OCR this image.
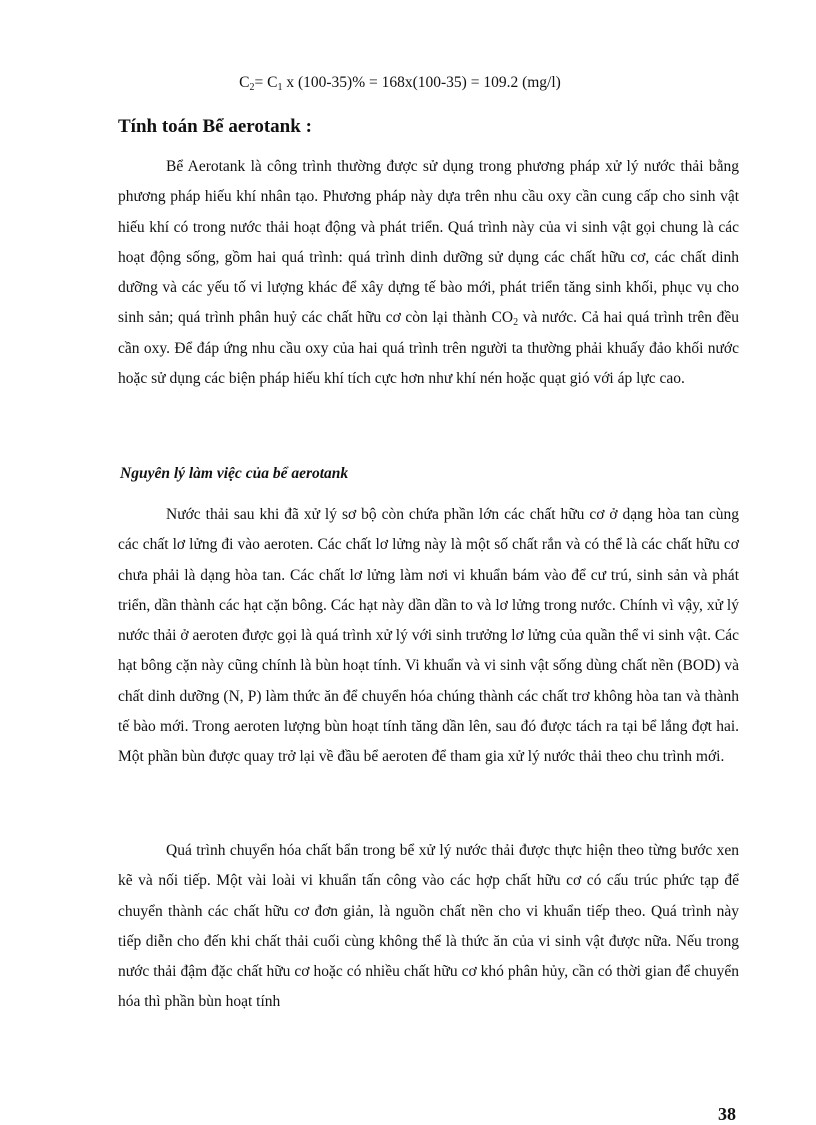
$C_2= C_1$ x (100-35)% = 168x(100-35) = 109.2 (mg/l)
Tính toán Bể aerotank :

Bể Aerotank là công trình thường được sử dụng trong phương pháp xử lý nước thải bằng phương pháp hiếu khí nhân tạo. Phương pháp này dựa trên nhu cầu oxy cần cung cấp cho sinh vật hiếu khí có trong nước thải hoạt động và phát triển. Quá trình này của vi sinh vật gọi chung là các hoạt động sống, gồm hai quá trình: quá trình dinh dưỡng sử dụng các chất hữu cơ, các chất dinh dưỡng và các yếu tố vi lượng khác để xây dựng tế bào mới, phát triển tăng sinh khối, phục vụ cho sinh sản; quá trình phân huỷ các chất hữu cơ còn lại thành $CO_2$ và nước. Cả hai quá trình trên đều cần oxy. Để đáp ứng nhu cầu oxy của hai quá trình trên người ta thường phải khuấy đảo khối nước hoặc sử dụng các biện pháp hiếu khí tích cực hơn như khí nén hoặc quạt gió với áp lực cao.

Nguyên lý làm việc của bể aerotank

Nước thải sau khi đã xử lý sơ bộ còn chứa phần lớn các chất hữu cơ ở dạng hòa tan cùng các chất lơ lửng đi vào aeroten. Các chất lơ lửng này là một số chất rắn và có thể là các chất hữu cơ chưa phải là dạng hòa tan. Các chất lơ lửng làm nơi vi khuẩn bám vào để cư trú, sinh sản và phát triển, dần thành các hạt cặn bông. Các hạt này dần dần to và lơ lửng trong nước. Chính vì vậy, xử lý nước thải ở aeroten được gọi là quá trình xử lý với sinh trưởng lơ lửng của quần thể vi sinh vật. Các hạt bông cặn này cũng chính là bùn hoạt tính. Vi khuẩn và vi sinh vật sống dùng chất nền (BOD) và chất dinh dưỡng (N, P) làm thức ăn để chuyển hóa chúng thành các chất trơ không hòa tan và thành tế bào mới. Trong aeroten lượng bùn hoạt tính tăng dần lên, sau đó được tách ra tại bể lắng đợt hai. Một phần bùn được quay trở lại về đầu bể aeroten để tham gia xử lý nước thải theo chu trình mới.

Quá trình chuyển hóa chất bẩn trong bể xử lý nước thải được thực hiện theo từng bước xen kẽ và nối tiếp. Một vài loài vi khuẩn tấn công vào các hợp chất hữu cơ có cấu trúc phức tạp để chuyển thành các chất hữu cơ đơn giản, là nguồn chất nền cho vi khuẩn tiếp theo. Quá trình này tiếp diễn cho đến khi chất thải cuối cùng không thể là thức ăn của vi sinh vật được nữa. Nếu trong nước thải đậm đặc chất hữu cơ hoặc có nhiều chất hữu cơ khó phân hủy, cần có thời gian để chuyển hóa thì phần bùn hoạt tính

38
